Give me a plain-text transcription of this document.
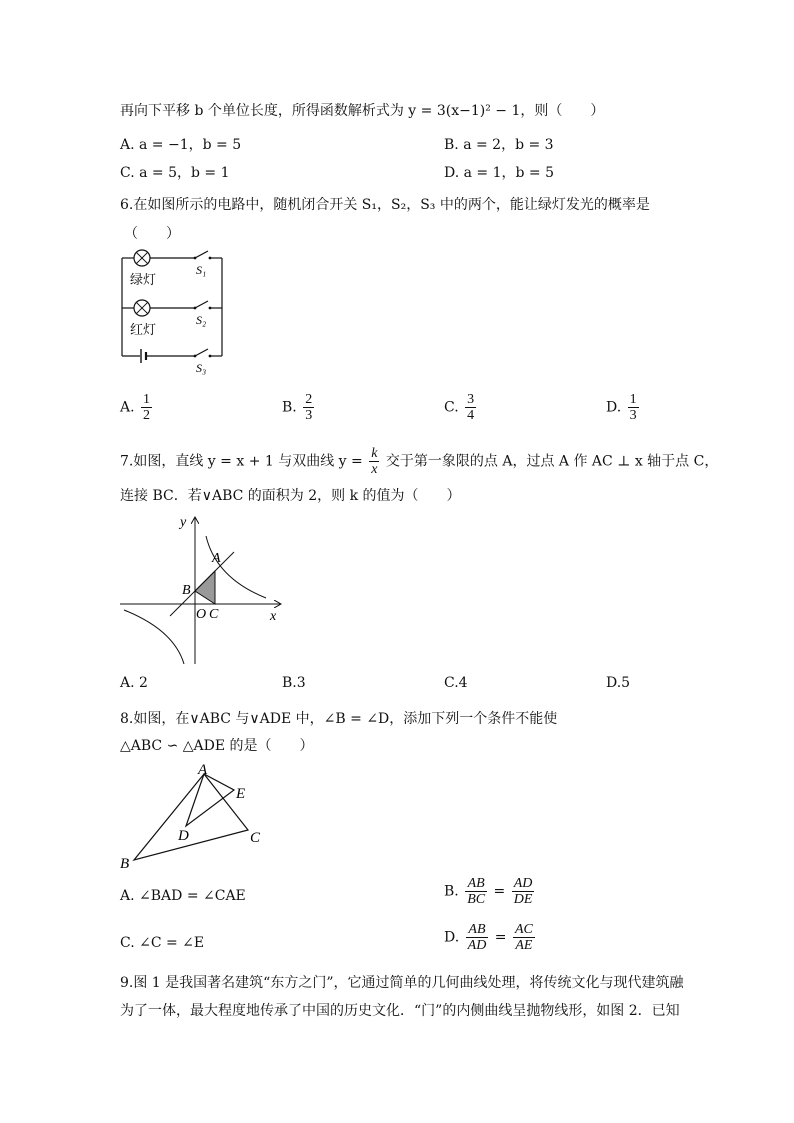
再向下平移 b 个单位长度，所得函数解析式为 y = 3(x−1)² − 1，则（　　）
A. a = −1，b = 5	B. a = 2，b = 3
C. a = 5，b = 1	D. a = 1，b = 5
6.在如图所示的电路中，随机闭合开关 S₁，S₂，S₃ 中的两个，能让绿灯发光的概率是
（　　）
绿灯
红灯
S₁
S₂
S₃
A. $\frac{1}{2}$	B. $\frac{2}{3}$	C. $\frac{3}{4}$	D. $\frac{1}{3}$
7.如图，直线 y = x + 1 与双曲线 $y = \frac{k}{x}$ 交于第一象限的点 A，过点 A 作 AC ⊥ x 轴于点 C，
连接 BC．若∨ABC 的面积为 2，则 k 的值为（　　）
y
x
A
B
O C
A. 2	B.3	C.4	D.5
8.如图，在∨ABC 与∨ADE 中，∠B = ∠D，添加下列一个条件不能使
△ABC ∽ △ADE 的是（　　）
A
E
D	C
B
A. ∠BAD = ∠CAE	B. $\frac{AB}{BC} = \frac{AD}{DE}$
C. ∠C = ∠E	D. $\frac{AB}{AD} = \frac{AC}{AE}$
9.图 1 是我国著名建筑“东方之门”，它通过简单的几何曲线处理，将传统文化与现代建筑融
为了一体，最大程度地传承了中国的历史文化．“门”的内侧曲线呈抛物线形，如图 2．已知
